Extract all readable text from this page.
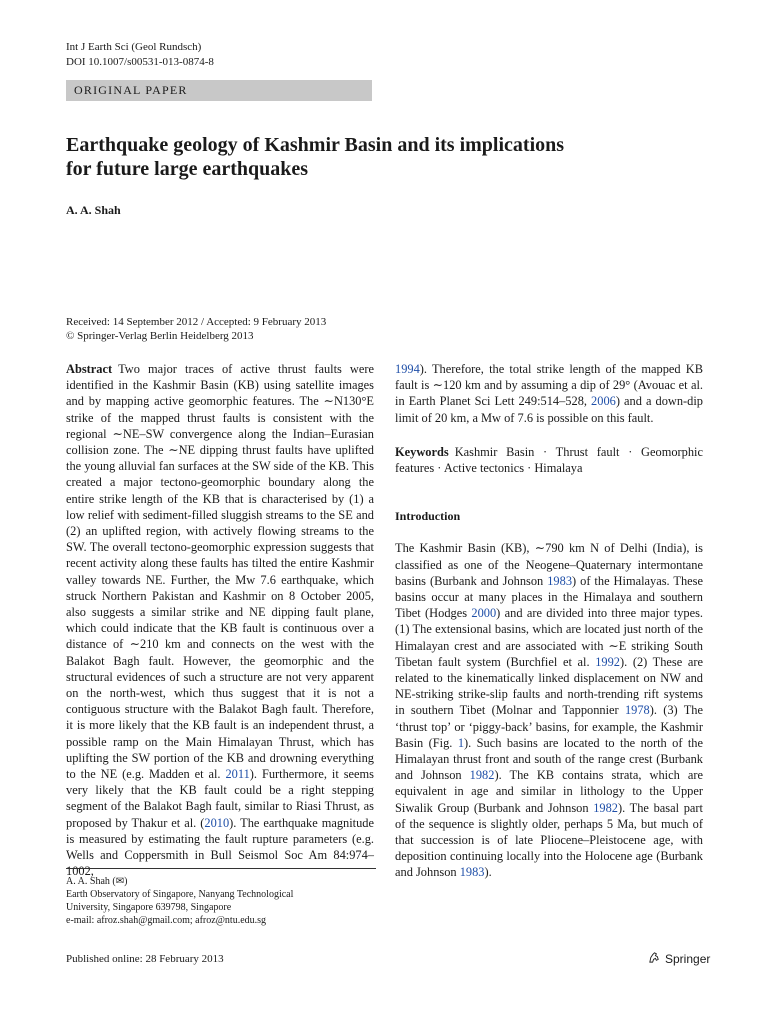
Int J Earth Sci (Geol Rundsch)
DOI 10.1007/s00531-013-0874-8
ORIGINAL PAPER
Earthquake geology of Kashmir Basin and its implications
for future large earthquakes
A. A. Shah
Received: 14 September 2012 / Accepted: 9 February 2013
© Springer-Verlag Berlin Heidelberg 2013

Abstract Two major traces of active thrust faults were identified in the Kashmir Basin (KB) using satellite images and by mapping active geomorphic features. The ∼N130°E strike of the mapped thrust faults is consistent with the regional ∼NE–SW convergence along the Indian–Eurasian collision zone. The ∼NE dipping thrust faults have uplifted the young alluvial fan surfaces at the SW side of the KB. This created a major tectono-geomorphic boundary along the entire strike length of the KB that is characterised by (1) a low relief with sediment-filled sluggish streams to the SE and (2) an uplifted region, with actively flowing streams to the SW. The overall tectono-geomorphic expression suggests that recent activity along these faults has tilted the entire Kashmir valley towards NE. Further, the Mw 7.6 earthquake, which struck Northern Pakistan and Kashmir on 8 October 2005, also suggests a similar strike and NE dipping fault plane, which could indicate that the KB fault is continuous over a distance of ∼210 km and connects on the west with the Balakot Bagh fault. However, the geomorphic and the structural evidences of such a structure are not very apparent on the north-west, which thus suggest that it is not a contiguous structure with the Balakot Bagh fault. Therefore, it is more likely that the KB fault is an independent thrust, a possible ramp on the Main Himalayan Thrust, which has uplifting the SW portion of the KB and drowning everything to the NE (e.g. Madden et al. 2011). Furthermore, it seems very likely that the KB fault could be a right stepping segment of the Balakot Bagh fault, similar to Riasi Thrust, as proposed by Thakur et al. (2010). The earthquake magnitude is measured by estimating the fault rupture parameters (e.g. Wells and Coppersmith in Bull Seismol Soc Am 84:974–1002,

1994). Therefore, the total strike length of the mapped KB fault is ∼120 km and by assuming a dip of 29° (Avouac et al. in Earth Planet Sci Lett 249:514–528, 2006) and a down-dip limit of 20 km, a Mw of 7.6 is possible on this fault.

Keywords Kashmir Basin · Thrust fault · Geomorphic features · Active tectonics · Himalaya

Introduction

The Kashmir Basin (KB), ∼790 km N of Delhi (India), is classified as one of the Neogene–Quaternary intermontane basins (Burbank and Johnson 1983) of the Himalayas. These basins occur at many places in the Himalaya and southern Tibet (Hodges 2000) and are divided into three major types. (1) The extensional basins, which are located just north of the Himalayan crest and are associated with ∼E striking South Tibetan fault system (Burchfiel et al. 1992). (2) These are related to the kinematically linked displacement on NW and NE-striking strike-slip faults and north-trending rift systems in southern Tibet (Molnar and Tapponnier 1978). (3) The ‘thrust top’ or ‘piggy-back’ basins, for example, the Kashmir Basin (Fig. 1). Such basins are located to the north of the Himalayan thrust front and south of the range crest (Burbank and Johnson 1982). The KB contains strata, which are equivalent in age and similar in lithology to the Upper Siwalik Group (Burbank and Johnson 1982). The basal part of the sequence is slightly older, perhaps 5 Ma, but much of that succession is of late Pliocene–Pleistocene age, with deposition continuing locally into the Holocene age (Burbank and Johnson 1983).

A. A. Shah (✉)
Earth Observatory of Singapore, Nanyang Technological
University, Singapore 639798, Singapore
e-mail: afroz.shah@gmail.com; afroz@ntu.edu.sg
Published online: 28 February 2013	Springer
